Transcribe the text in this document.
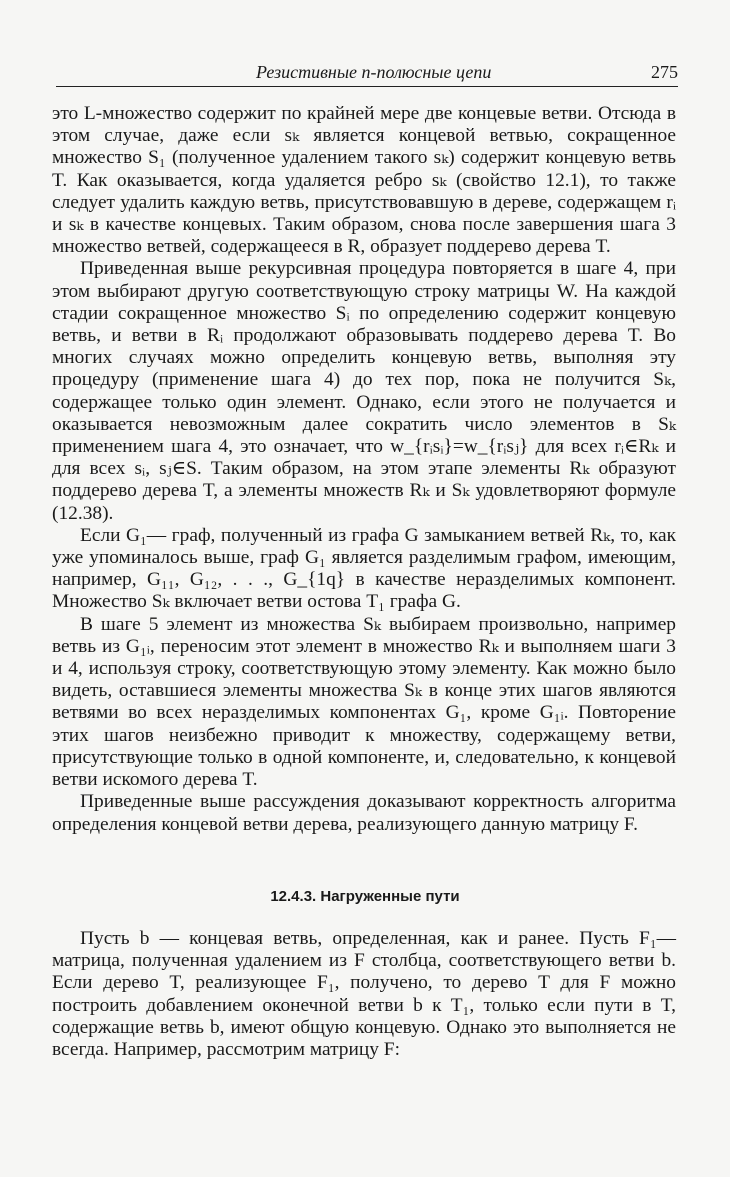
Резистивные n-полюсные цепи	275

это L-множество содержит по крайней мере две концевые ветви. Отсюда в этом случае, даже если sₖ является концевой ветвью, сокращенное множество S₁ (полученное удалением такого sₖ) содержит концевую ветвь T. Как оказывается, когда удаляется ребро sₖ (свойство 12.1), то также следует удалить каждую ветвь, присутствовавшую в дереве, содержащем rᵢ и sₖ в качестве концевых. Таким образом, снова после завершения шага 3 множество ветвей, содержащееся в R, образует поддерево дерева T.

Приведенная выше рекурсивная процедура повторяется в шаге 4, при этом выбирают другую соответствующую строку матрицы W. На каждой стадии сокращенное множество Sᵢ по определению содержит концевую ветвь, и ветви в Rᵢ продолжают образовывать поддерево дерева T. Во многих случаях можно определить концевую ветвь, выполняя эту процедуру (применение шага 4) до тех пор, пока не получится Sₖ, содержащее только один элемент. Однако, если этого не получается и оказывается невозможным далее сократить число элементов в Sₖ применением шага 4, это означает, что w_{rᵢsᵢ}=w_{rᵢsⱼ} для всех rᵢ∈Rₖ и для всех sᵢ, sⱼ∈S. Таким образом, на этом этапе элементы Rₖ образуют поддерево дерева T, а элементы множеств Rₖ и Sₖ удовлетворяют формуле (12.38).

Если G₁— граф, полученный из графа G замыканием ветвей Rₖ, то, как уже упоминалось выше, граф G₁ является разделимым графом, имеющим, например, G₁₁, G₁₂, . . ., G_{1q} в качестве неразделимых компонент. Множество Sₖ включает ветви остова T₁ графа G.

В шаге 5 элемент из множества Sₖ выбираем произвольно, например ветвь из G₁ᵢ, переносим этот элемент в множество Rₖ и выполняем шаги 3 и 4, используя строку, соответствующую этому элементу. Как можно было видеть, оставшиеся элементы множества Sₖ в конце этих шагов являются ветвями во всех неразделимых компонентах G₁, кроме G₁ᵢ. Повторение этих шагов неизбежно приводит к множеству, содержащему ветви, присутствующие только в одной компоненте, и, следовательно, к концевой ветви искомого дерева T.

Приведенные выше рассуждения доказывают корректность алгоритма определения концевой ветви дерева, реализующего данную матрицу F.

12.4.3. Нагруженные пути

Пусть b — концевая ветвь, определенная, как и ранее. Пусть F₁— матрица, полученная удалением из F столбца, соответствующего ветви b. Если дерево T, реализующее F₁, получено, то дерево T для F можно построить добавлением оконечной ветви b к T₁, только если пути в T, содержащие ветвь b, имеют общую концевую. Однако это выполняется не всегда. Например, рассмотрим матрицу F:
